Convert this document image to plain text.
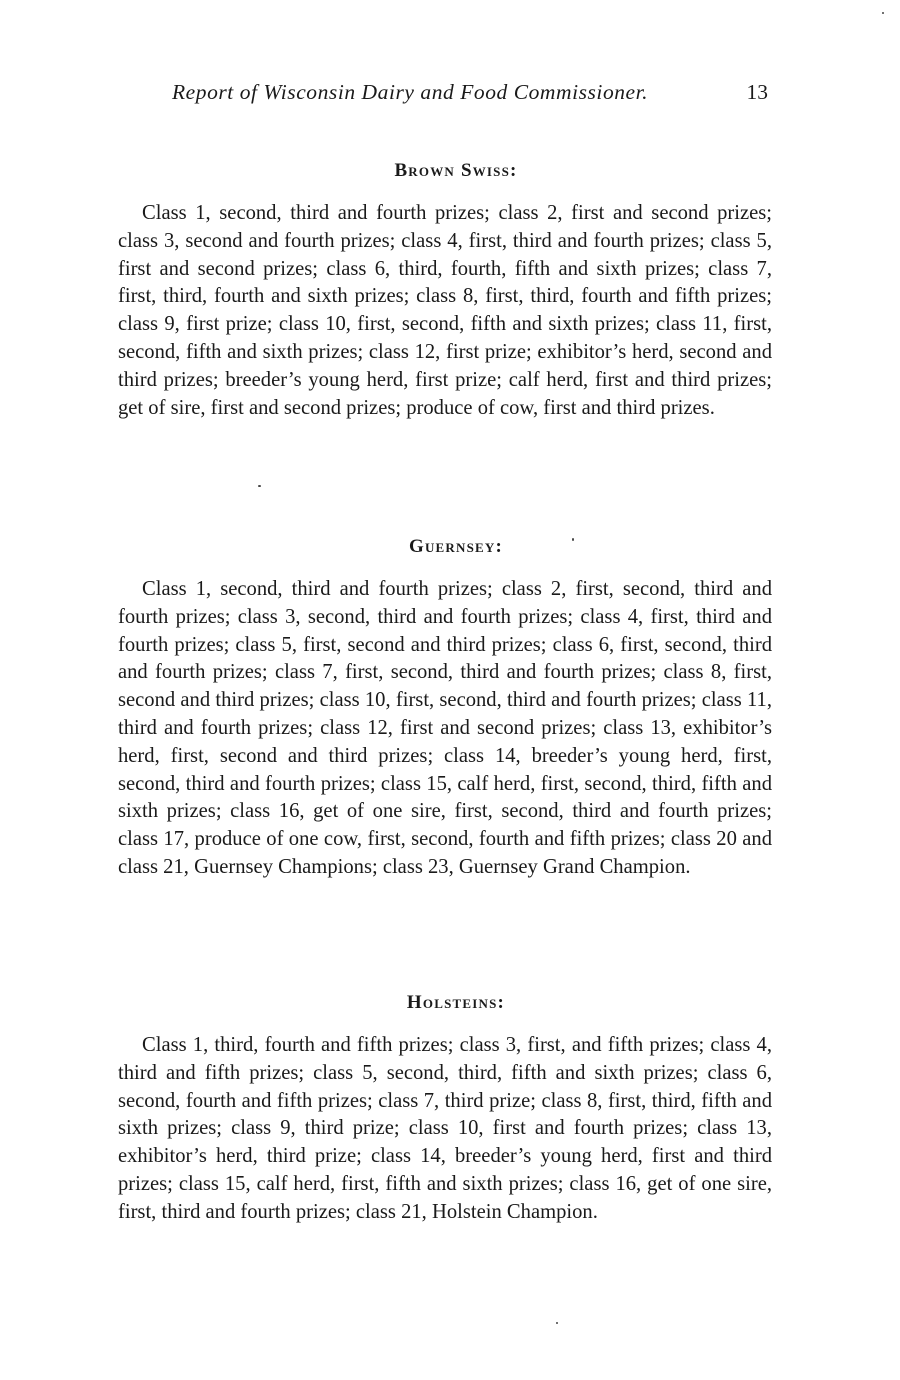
Report of Wisconsin Dairy and Food Commissioner.	13
Brown Swiss:

Class 1, second, third and fourth prizes; class 2, first and second prizes; class 3, second and fourth prizes; class 4, first, third and fourth prizes; class 5, first and second prizes; class 6, third, fourth, fifth and sixth prizes; class 7, first, third, fourth and sixth prizes; class 8, first, third, fourth and fifth prizes; class 9, first prize; class 10, first, second, fifth and sixth prizes; class 11, first, second, fifth and sixth prizes; class 12, first prize; exhibitor’s herd, second and third prizes; breeder’s young herd, first prize; calf herd, first and third prizes; get of sire, first and second prizes; produce of cow, first and third prizes.

Guernsey:

Class 1, second, third and fourth prizes; class 2, first, second, third and fourth prizes; class 3, second, third and fourth prizes; class 4, first, third and fourth prizes; class 5, first, second and third prizes; class 6, first, second, third and fourth prizes; class 7, first, second, third and fourth prizes; class 8, first, second and third prizes; class 10, first, second, third and fourth prizes; class 11, third and fourth prizes; class 12, first and second prizes; class 13, exhibitor’s herd, first, second and third prizes; class 14, breeder’s young herd, first, second, third and fourth prizes; class 15, calf herd, first, second, third, fifth and sixth prizes; class 16, get of one sire, first, second, third and fourth prizes; class 17, produce of one cow, first, second, fourth and fifth prizes; class 20 and class 21, Guernsey Champions; class 23, Guernsey Grand Champion.

Holsteins:

Class 1, third, fourth and fifth prizes; class 3, first, and fifth prizes; class 4, third and fifth prizes; class 5, second, third, fifth and sixth prizes; class 6, second, fourth and fifth prizes; class 7, third prize; class 8, first, third, fifth and sixth prizes; class 9, third prize; class 10, first and fourth prizes; class 13, exhibitor’s herd, third prize; class 14, breeder’s young herd, first and third prizes; class 15, calf herd, first, fifth and sixth prizes; class 16, get of one sire, first, third and fourth prizes; class 21, Holstein Champion.
